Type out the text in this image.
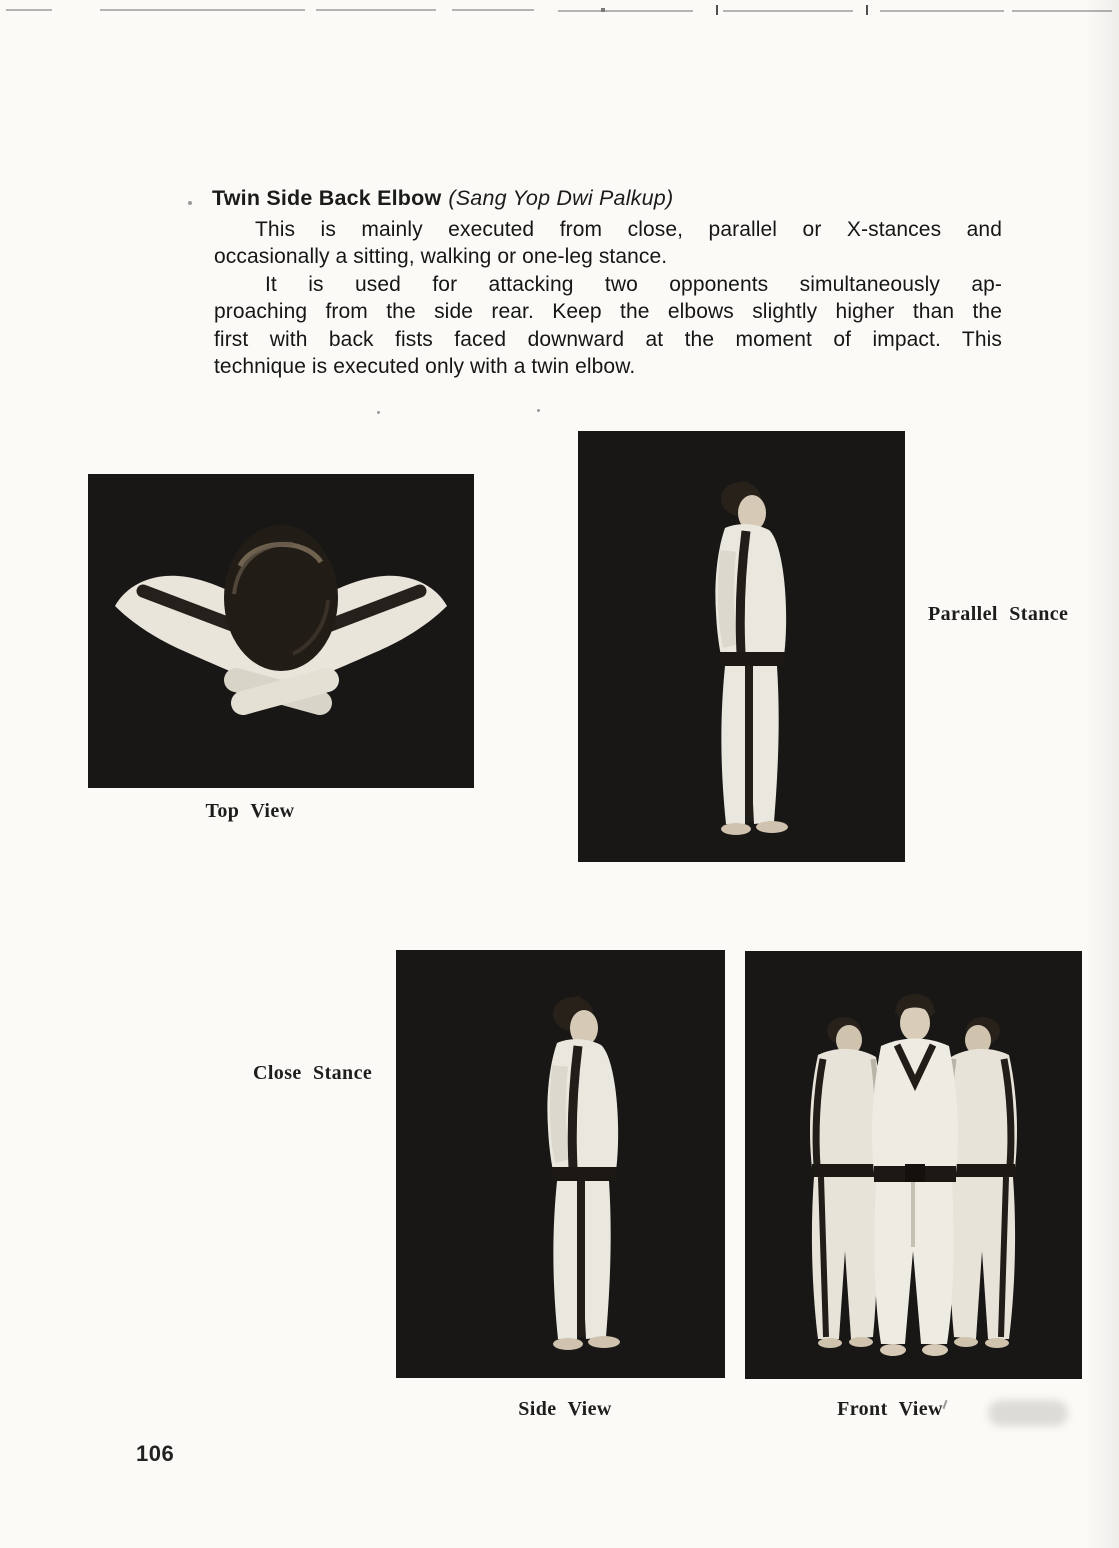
Twin Side Back Elbow (Sang Yop Dwi Palkup)
This is mainly executed from close, parallel or X-stances and
occasionally a sitting, walking or one-leg stance.
It is used for attacking two opponents simultaneously ap-
proaching from the side rear. Keep the elbows slightly higher than the
first with back fists faced downward at the moment of impact. This
technique is executed only with a twin elbow.
Top View
Parallel Stance
Close Stance
Side View	Front View
106
